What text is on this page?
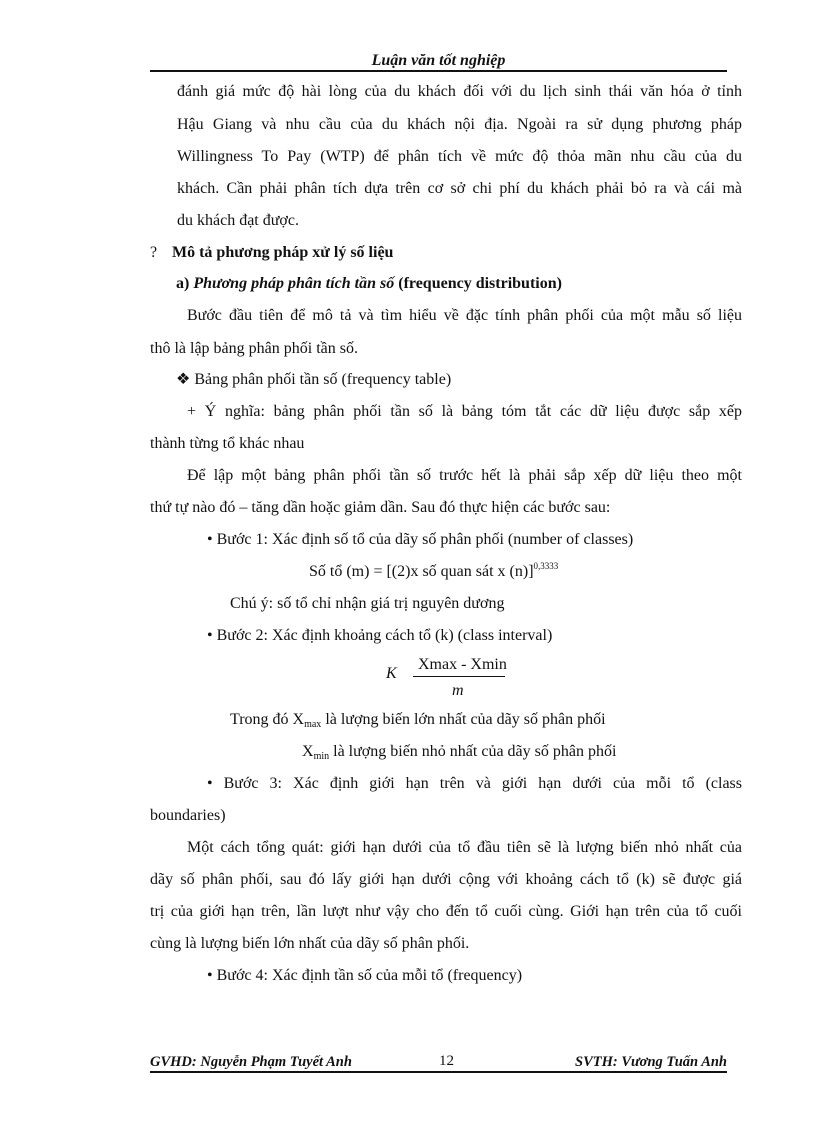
Luận văn tốt nghiệp
đánh giá mức độ hài lòng của du khách đối với du lịch sinh thái văn hóa ở tỉnh
Hậu Giang và nhu cầu của du khách nội địa. Ngoài ra sử dụng phương pháp
Willingness To Pay (WTP) để phân tích về mức độ thỏa mãn nhu cầu của du
khách. Cần phải phân tích dựa trên cơ sở chi phí du khách phải bỏ ra và cái mà
du khách đạt được.
? Mô tả phương pháp xử lý số liệu
a) Phương pháp phân tích tần số (frequency distribution)
Bước đầu tiên để mô tả và tìm hiểu về đặc tính phân phối của một mẫu số liệu
thô là lập bảng phân phối tần số.
❖ Bảng phân phối tần số (frequency table)
+ Ý nghĩa: bảng phân phối tần số là bảng tóm tắt các dữ liệu được sắp xếp
thành từng tổ khác nhau
Để lập một bảng phân phối tần số trước hết là phải sắp xếp dữ liệu theo một
thứ tự nào đó – tăng dần hoặc giảm dần. Sau đó thực hiện các bước sau:
• Bước 1: Xác định số tổ của dãy số phân phối (number of classes)
Số tổ (m) = [(2)x số quan sát x (n)]$^{0,3333}$
Chú ý: số tổ chỉ nhận giá trị nguyên dương
• Bước 2: Xác định khoảng cách tổ (k) (class interval)
K
Xmax - Xmin
m
Trong đó $X_{max}$ là lượng biến lớn nhất của dãy số phân phối
$X_{min}$ là lượng biến nhỏ nhất của dãy số phân phối
• Bước 3: Xác định giới hạn trên và giới hạn dưới của mỗi tổ (class
boundaries)
Một cách tổng quát: giới hạn dưới của tổ đầu tiên sẽ là lượng biến nhỏ nhất của
dãy số phân phối, sau đó lấy giới hạn dưới cộng với khoảng cách tổ (k) sẽ được giá
trị của giới hạn trên, lần lượt như vậy cho đến tổ cuối cùng. Giới hạn trên của tổ cuối
cùng là lượng biến lớn nhất của dãy số phân phối.
• Bước 4: Xác định tần số của mỗi tổ (frequency)
GVHD: Nguyễn Phạm Tuyết Anh	12	SVTH: Vương Tuấn Anh
